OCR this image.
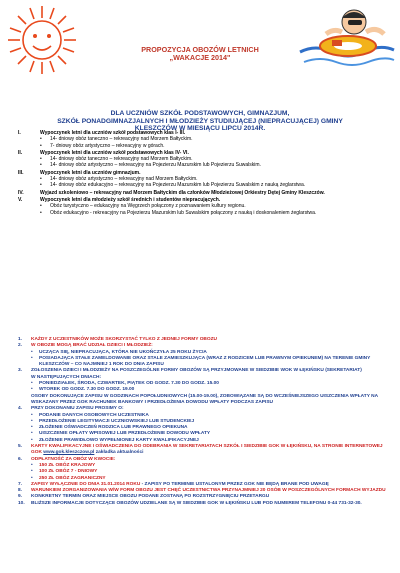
PROPOZYCJA OBOZÓW LETNICH
„WAKACJE 2014"
DLA UCZNIÓW SZKÓŁ PODSTAWOWYCH, GIMNAZJUM,
SZKÓŁ PONADGIMNAZJALNYCH I MŁODZIEŻY STUDIUJĄCEJ (NIEPRACUJĄCEJ) GMINY
KLESZCZÓW W MIESIĄCU LIPCU 2014R.
I.	Wypoczynek letni dla uczniów szkół podstawowych klas I- III.
•	14- dniowy obóz taneczno – rekreacyjny nad Morzem Bałtyckim.
•	7- dniowy obóz artystyczno – rekreacyjny w górach.
II.	Wypoczynek letni dla uczniów szkół podstawowych klas IV- VI.
•	14- dniowy obóz taneczno – rekreacyjny nad Morzem Bałtyckim.
•	14- dniowy obóz artystyczno – rekreacyjny na Pojezierzu Mazurskim lub Pojezierzu Suwalskim.
III.	Wypoczynek letni dla uczniów gimnazjum.
•	14- dniowy obóz artystyczno – rekreacyjny nad Morzem Bałtyckim.
•	14- dniowy obóz edukacyjno – rekreacyjny na Pojezierzu Mazurskim lub Pojezierzu Suwalskim z nauką żeglarstwa.
IV.	Wyjazd szkoleniowo – rekreacyjny nad Morzem Bałtyckim dla członków Młodzieżowej Orkiestry Dętej Gminy Kleszczów.
V.	Wypoczynek letni dla młodzieży szkół średnich i studentów niepracujących.
•	Obóz turystyczno – edukacyjny na Węgrzech połączony z poznawaniem kultury regionu.
•	Obóz edukacyjno - rekreacyjny na Pojezierzu Mazurskim lub Suwalskim połączony z nauką i doskonaleniem żeglarstwa.
1.	KAŻDY Z UCZESTNIKÓW MOŻE SKORZYSTAĆ TYLKO Z JEDNEJ FORMY OBOZU
2.	W OBOZIE MOGĄ BRAĆ UDZIAŁ DZIECI I MŁODZIEŻ:
•	UCZĄCA SIĘ, NIEPRACUJĄCA, KTÓRA NIE UKOŃCZYŁA 25 ROKU ŻYCIA
•	POSIADAJĄCA STAŁE ZAMELDOWANIE ORAZ STALE ZAMIESZKUJĄCA (WRAZ Z RODZICEM LUB PRAWNYM OPIEKUNEM) NA TERENIE GMINY KLESZCZÓW – CO NAJMNIEJ 1 ROK DO DNIA ZAPISU
3.	ZGŁOSZENIA DZIECI I MŁODZIEŻY NA POSZCZEGÓLNE FORMY OBOZÓW SĄ PRZYJMOWANE W SIEDZIBIE WOK W ŁĘKIŃSKU (SEKRETARIAT)
W NASTĘPUJĄCYCH DNIACH:
•	PONIEDZIAŁEK, ŚRODA, CZWARTEK, PIĄTEK OD GODZ. 7.30 DO GODZ. 15.00
•	WTOREK OD GODZ. 7.30 DO GODZ. 19.00
OSOBY DOKONUJĄCE ZAPISU W GODZINACH POPOŁUDNIOWYCH (15.00-19.00), ZOBOWIĄZANE SĄ DO WCZEŚNIEJSZEGO UISZCZENIA WPŁATY NA WSKAZANY PRZEZ GOK RACHUNEK BANKOWY I PRZEDŁOŻENIA DOWODU WPŁATY PODCZAS ZAPISU
4.	PRZY DOKONANIU ZAPISU PROSIMY O:
•	PODANIE DANYCH OSOBOWYCH UCZESTNIKA
•	PRZEDŁOŻENIE LEGITYMACJI UCZNIOWSKIEJ LUB STUDENCKIEJ
•	ZŁOŻENIE OŚWIADCZEŃ RODZICA LUB PRAWNEGO OPIEKUNA
•	UISZCZENIE OPŁATY WPISOWEJ LUB PRZEDŁOŻENIE DOWODU WPŁATY
•	ZŁOŻENIE PRAWIDŁOWO WYPEŁNIONEJ KARTY KWALIFIKACYJNEJ
5.	KARTY KWALIFIKACYJNE I OŚWIADCZENIA DO ODEBRANIA W SEKRETARIATACH SZKÓŁ I SIEDZIBIE GOK W ŁĘKIŃSKU, NA STRONIE INTERNETOWEJ GOK www.gok.kleszczow.pl zakładka aktualności
6.	ODPŁATNOŚĆ ZA OBÓZ W KWOCIE:
•	150 ZŁ OBÓZ KRAJOWY
•	100 ZŁ OBÓZ 7 - DNIOWY
•	250 ZŁ OBÓZ ZAGRANICZNY
7.	ZAPISY WYŁĄCZNIE DO DNIA 31.01.2014 ROKU - ZAPISY PO TERMINIE USTALONYM PRZEZ GOK NIE BĘDĄ BRANE POD UWAGĘ
8.	WARUNKIEM ZORGANIZOWANIA W/W FORM OBOZU JEST CHĘĆ UCZESTNICTWA PRZYNAJMNIEJ 20 OSÓB W POSZCZEGÓLNYCH FORMACH WYJAZDU
9.	KONKRETNY TERMIN ORAZ MIEJSCE OBOZU PODANE ZOSTANĄ PO ROZSTRZYGNIĘCIU PRZETARGU
10.	BLIŻSZE INFORMACJE DOTYCZĄCE OBOZÓW UDZIELANE SĄ W SIEDZIBIE GOK W ŁĘKIŃSKU LUB POD NUMEREM TELEFONU 0-44 731-32-30.
